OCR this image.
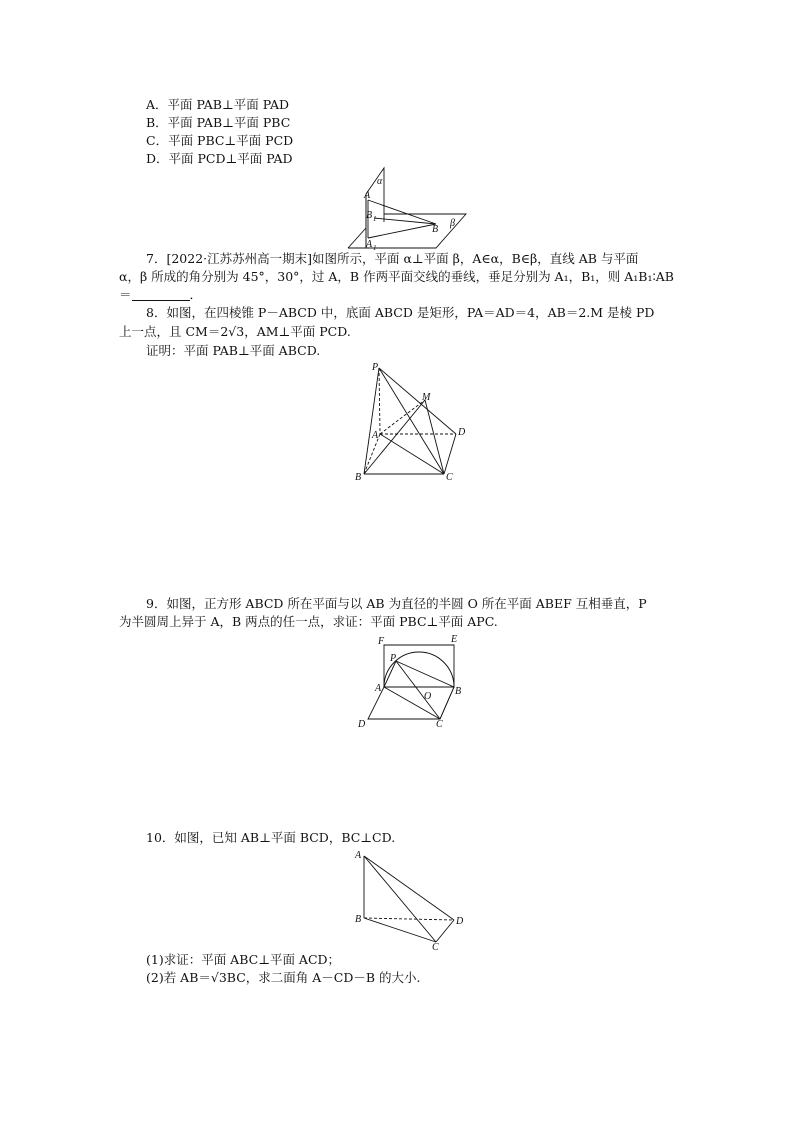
A．平面 PAB⊥平面 PAD
B．平面 PAB⊥平面 PBC
C．平面 PBC⊥平面 PCD
D．平面 PCD⊥平面 PAD
α
β
A
B
B 1
A 1
7．[2022·江苏苏州高一期末]如图所示，平面 α⊥平面 β，A∈α，B∈β，直线 AB 与平面
α，β 所成的角分别为 45°，30°，过 A，B 作两平面交线的垂线，垂足分别为 A₁，B₁，则 A₁B₁∶AB
＝	．
8．如图，在四棱锥 P－ABCD 中，底面 ABCD 是矩形，PA＝AD＝4，AB＝2.M 是棱 PD
上一点，且 CM＝2√3，AM⊥平面 PCD.
证明：平面 PAB⊥平面 ABCD.
P
M
A	D
B	C
9．如图，正方形 ABCD 所在平面与以 AB 为直径的半圆 O 所在平面 ABEF 互相垂直，P
为半圆周上异于 A，B 两点的任一点，求证：平面 PBC⊥平面 APC.
F	E
P
A
O B
D	C
10．如图，已知 AB⊥平面 BCD，BC⊥CD.
A
B	D
C
(1)求证：平面 ABC⊥平面 ACD；
(2)若 AB＝√3BC，求二面角 A－CD－B 的大小.
